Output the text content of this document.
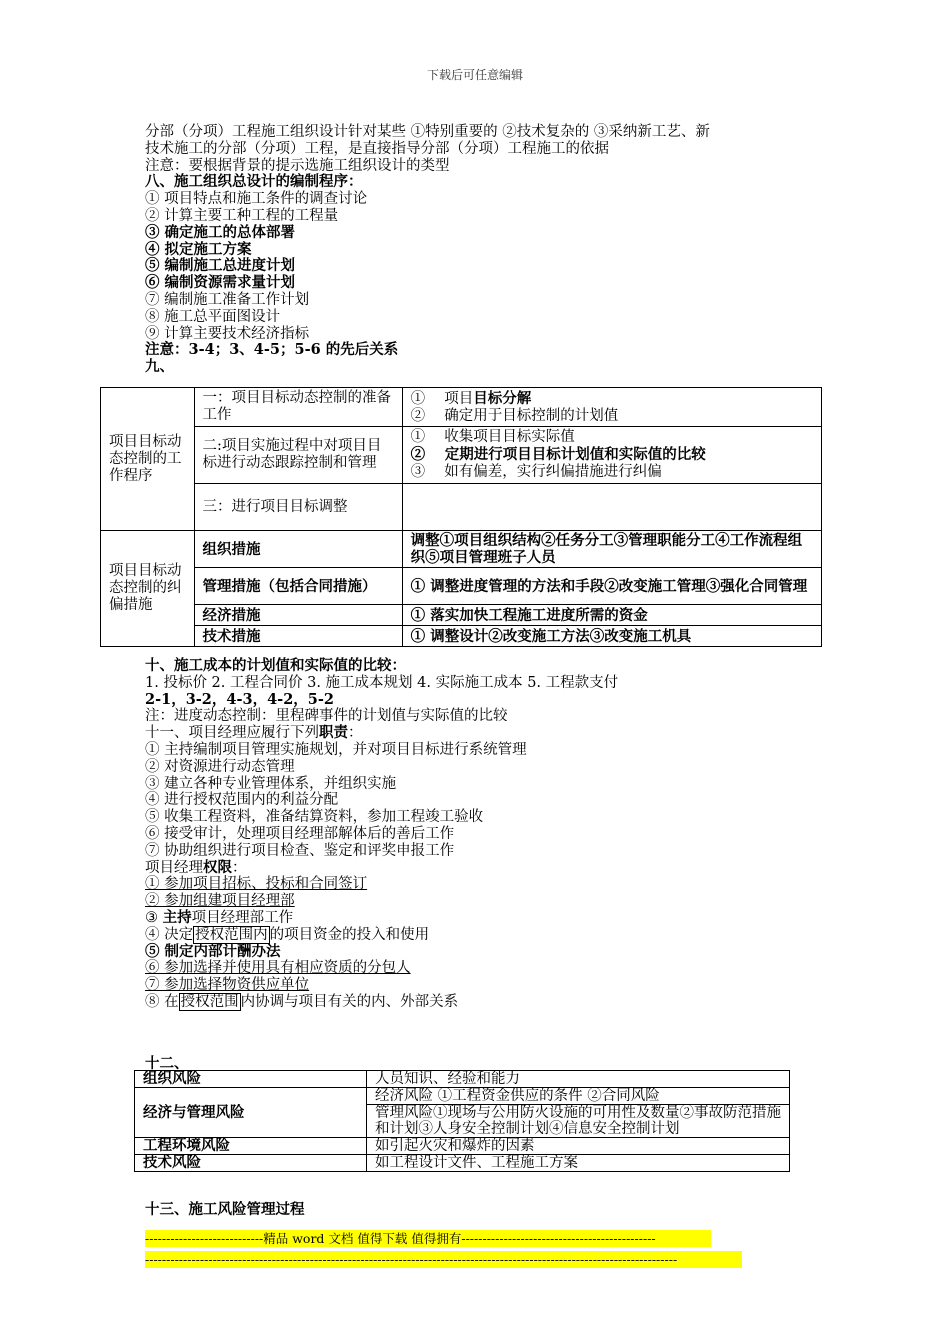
下载后可任意编辑

分部（分项）工程施工组织设计针对某些 ①特别重要的 ②技术复杂的 ③采纳新工艺、新

技术施工的分部（分项）工程，是直接指导分部（分项）工程施工的依据

注意：要根据背景的提示选施工组织设计的类型

八、施工组织总设计的编制程序：

① 项目特点和施工条件的调查讨论

② 计算主要工种工程的工程量

③ 确定施工的总体部署

④ 拟定施工方案

⑤ 编制施工总进度计划

⑥ 编制资源需求量计划

⑦ 编制施工准备工作计划

⑧ 施工总平面图设计

⑨ 计算主要技术经济指标

注意：3-4；3、4-5；5-6 的先后关系

九、

项目目标动态控制的工作程序	一：项目目标动态控制的准备工作	①　 项目目标分解
②　 确定用于目标控制的计划值

	二:项目实施过程中对项目目标进行动态跟踪控制和管理	①　 收集项目目标实际值
②　 定期进行项目目标计划值和实际值的比较
③　 如有偏差，实行纠偏措施进行纠偏

	三：进行项目目标调整	
项目目标动态控制的纠偏措施	组织措施	调整①项目组织结构②任务分工③管理职能分工④工作流程组织⑤项目管理班子人员
	管理措施（包括合同措施）	① 调整进度管理的方法和手段②改变施工管理③强化合同管理
	经济措施	① 落实加快工程施工进度所需的资金
	技术措施	① 调整设计②改变施工方法③改变施工机具

十、施工成本的计划值和实际值的比较：

1. 投标价 2. 工程合同价 3. 施工成本规划 4. 实际施工成本 5. 工程款支付

2-1，3-2，4-3，4-2，5-2

注：进度动态控制：里程碑事件的计划值与实际值的比较

十一、项目经理应履行下列职责：

① 主持编制项目管理实施规划，并对项目目标进行系统管理

② 对资源进行动态管理

③ 建立各种专业管理体系，并组织实施

④ 进行授权范围内的利益分配

⑤ 收集工程资料，准备结算资料，参加工程竣工验收

⑥ 接受审计，处理项目经理部解体后的善后工作

⑦ 协助组织进行项目检查、鉴定和评奖申报工作

项目经理权限：

① 参加项目招标、投标和合同签订

② 参加组建项目经理部

③ 主持项目经理部工作

④ 决定 授权范围内 的项目资金的投入和使用

⑤ 制定内部计酬办法

⑥ 参加选择并使用具有相应资质的分包人

⑦ 参加选择物资供应单位

⑧ 在 授权范围 内协调与项目有关的内、外部关系

十二、
组织风险	人员知识、经验和能力
经济与管理风险	经济风险 ①工程资金供应的条件 ②合同风险
	管理风险①现场与公用防火设施的可用性及数量②事故防范措施和计划③人身安全控制计划④信息安全控制计划
工程环境风险	如引起火灾和爆炸的因素
技术风险	如工程设计文件、工程施工方案
十三、施工风险管理过程
----------------------------精品 word 文档 值得下载 值得拥有----------------------------------------------
------------------------------------------------------------------------------------------------------------------------------
